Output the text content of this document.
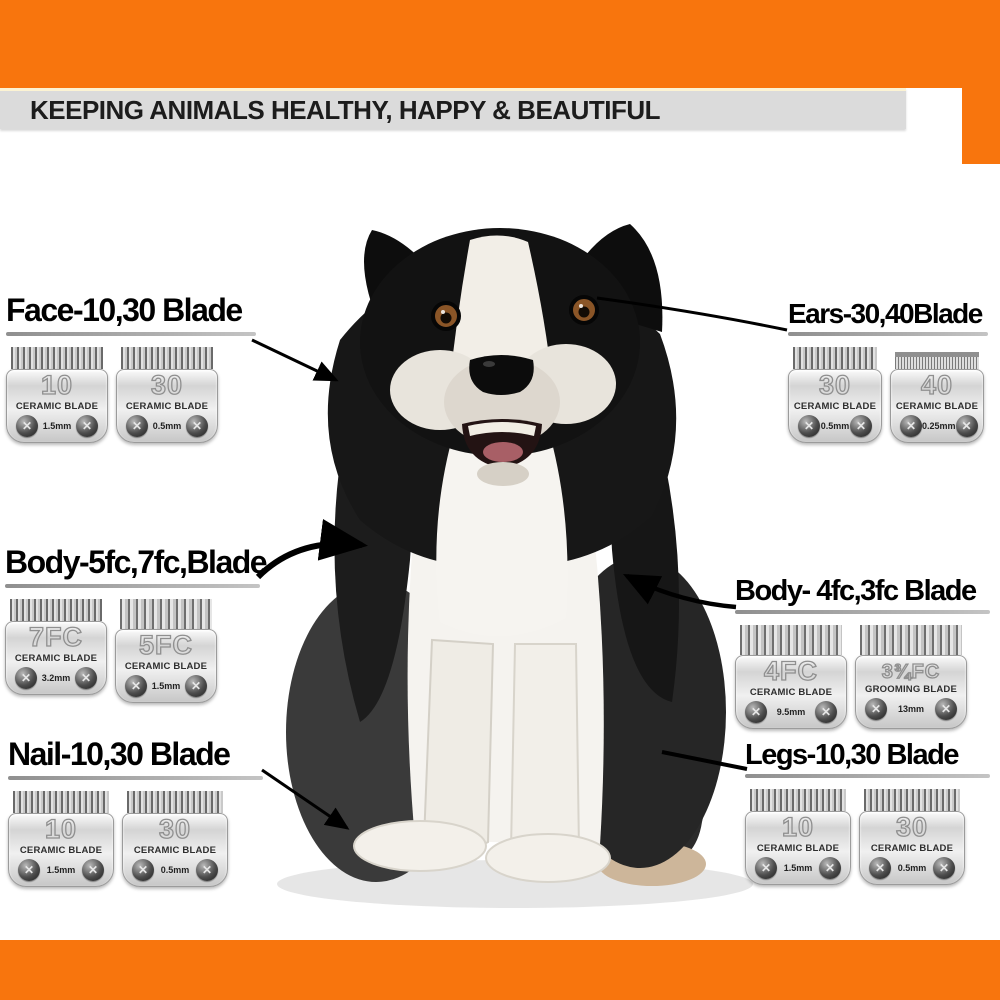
KEEPING ANIMALS HEALTHY, HAPPY & BEAUTIFUL
Face-10,30 Blade
10
CERAMIC BLADE
✕	1.5mm ✕
30
CERAMIC BLADE
✕	0.5mm ✕
Ears-30,40Blade
30
CERAMIC BLADE
✕ 0.5mm ✕
40
CERAMIC BLADE
✕ 0.25mm ✕
Body-5fc,7fc,Blade
7FC
CERAMIC BLADE
✕	3.2mm ✕
5FC
CERAMIC BLADE
✕	1.5mm ✕
Body- 4fc,3fc Blade
4FC
CERAMIC BLADE
✕	9.5mm	✕
3¾FC
GROOMING BLADE
✕	13mm	✕
Nail-10,30 Blade
10
CERAMIC BLADE
✕	1.5mm	✕
30
CERAMIC BLADE
✕	0.5mm	✕
Legs-10,30 Blade
10
CERAMIC BLADE
✕	1.5mm	✕
30
CERAMIC BLADE
✕	0.5mm	✕
